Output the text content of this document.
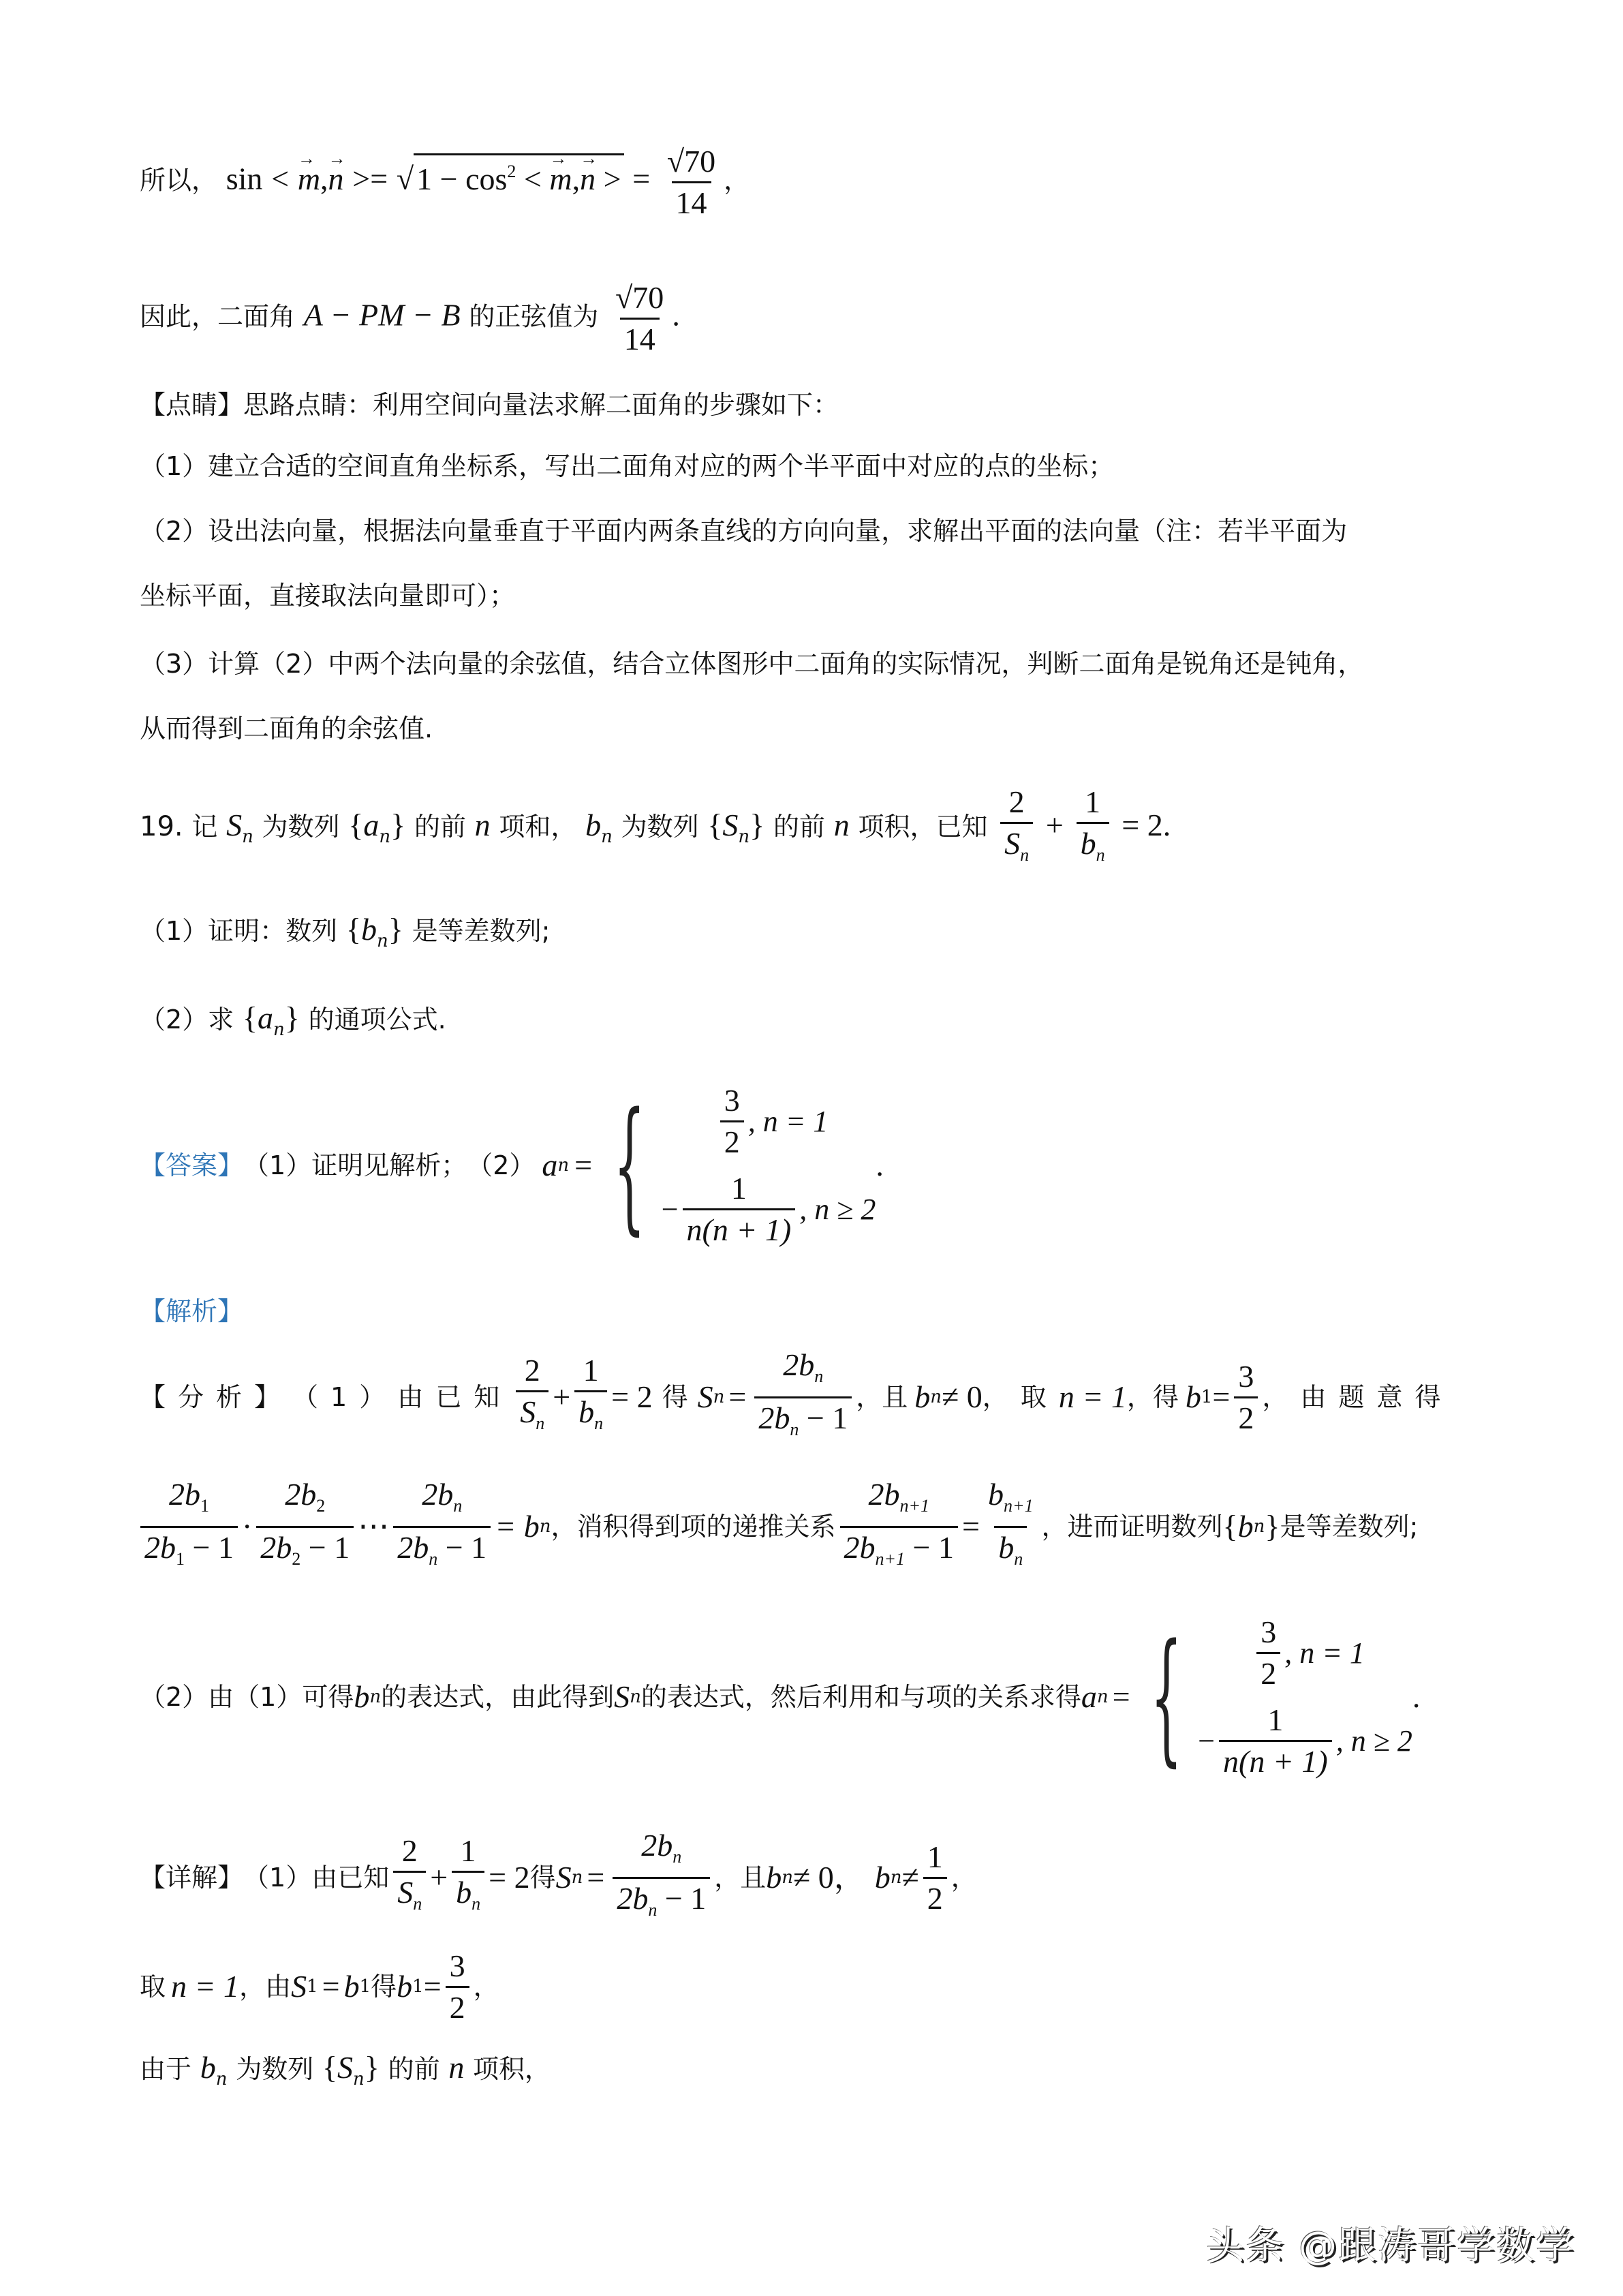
所以， sin < → $m,\to n >= √1 - \cos^2$ < → m,→ n > = $\frac{√70}{14}$ ，
因此，二面角 A − PM − B 的正弦值为 $\frac{√70}{14}$ .
【点睛】思路点睛：利用空间向量法求解二面角的步骤如下：
（1）建立合适的空间直角坐标系，写出二面角对应的两个半平面中对应的点的坐标；
（2）设出法向量，根据法向量垂直于平面内两条直线的方向向量，求解出平面的法向量（注：若半平面为
坐标平面，直接取法向量即可）；
（3）计算（2）中两个法向量的余弦值，结合立体图形中二面角的实际情况，判断二面角是锐角还是钝角，
从而得到二面角的余弦值.
19. 记 $S_n$ 为数列 $\{a_n\}$ 的前 n 项和， $b_n$ 为数列 $\{S_n\}$ 的前 n 项积，已知 $\frac{2}{S_n} + \frac{1}{b_n} = 2$.
（1）证明：数列 $\{b_n\}$ 是等差数列;
（2）求 $\{a_n\}$ 的通项公式.
【答案】 （1）证明见解析； （2） a n = { $\frac{3}{2}$ , n = 1
− $\frac{1}{n(n + 1)}$ , n ≥ 2
.
【解析】
【分析】 （1）由已知 $\frac{2}{S_n} + \frac{1}{b_n} = 2$ 得 S $n = \frac{2b_n}{2b_n - 1}$ ，且 b n ≠ 0 ，取 n = 1 ，得 b $1 = \frac{3}{2}$ ，由题意得
$\frac{2b_1}{2b_1 - 1} \cdot \frac{2b_2}{2b_2 - 1}$ ⋯ $\frac{2b_n}{2b_n - 1} = b$ n ，消积得到项的递推关系 $\frac{2b_{n+1}}{2b_{n+1} - 1} = \frac{b_{n+1}}{b_n}$ ，进而证明数列 { b n } 是等差数列;
（2）由（1）可得 b n 的表达式，由此得到 S n 的表达式，然后利用和与项的关系求得 a n = { $\frac{3}{2}$ , n = 1
− $\frac{1}{n(n + 1)}$ , n ≥ 2
.
【详解】 （1）由已知 $\frac{2}{S_n} + \frac{1}{b_n} = 2$ 得 S $n = \frac{2b_n}{2b_n - 1}$ ，且 b n ≠ 0， b $n \ne \frac{1}{2}$ ，
取 n = 1 ，由 S 1 = b 1 得 b $1 = \frac{3}{2}$ ，
由于 $b_n$ 为数列 $\{S_n\}$ 的前 n 项积，
头条 @跟涛哥学数学
